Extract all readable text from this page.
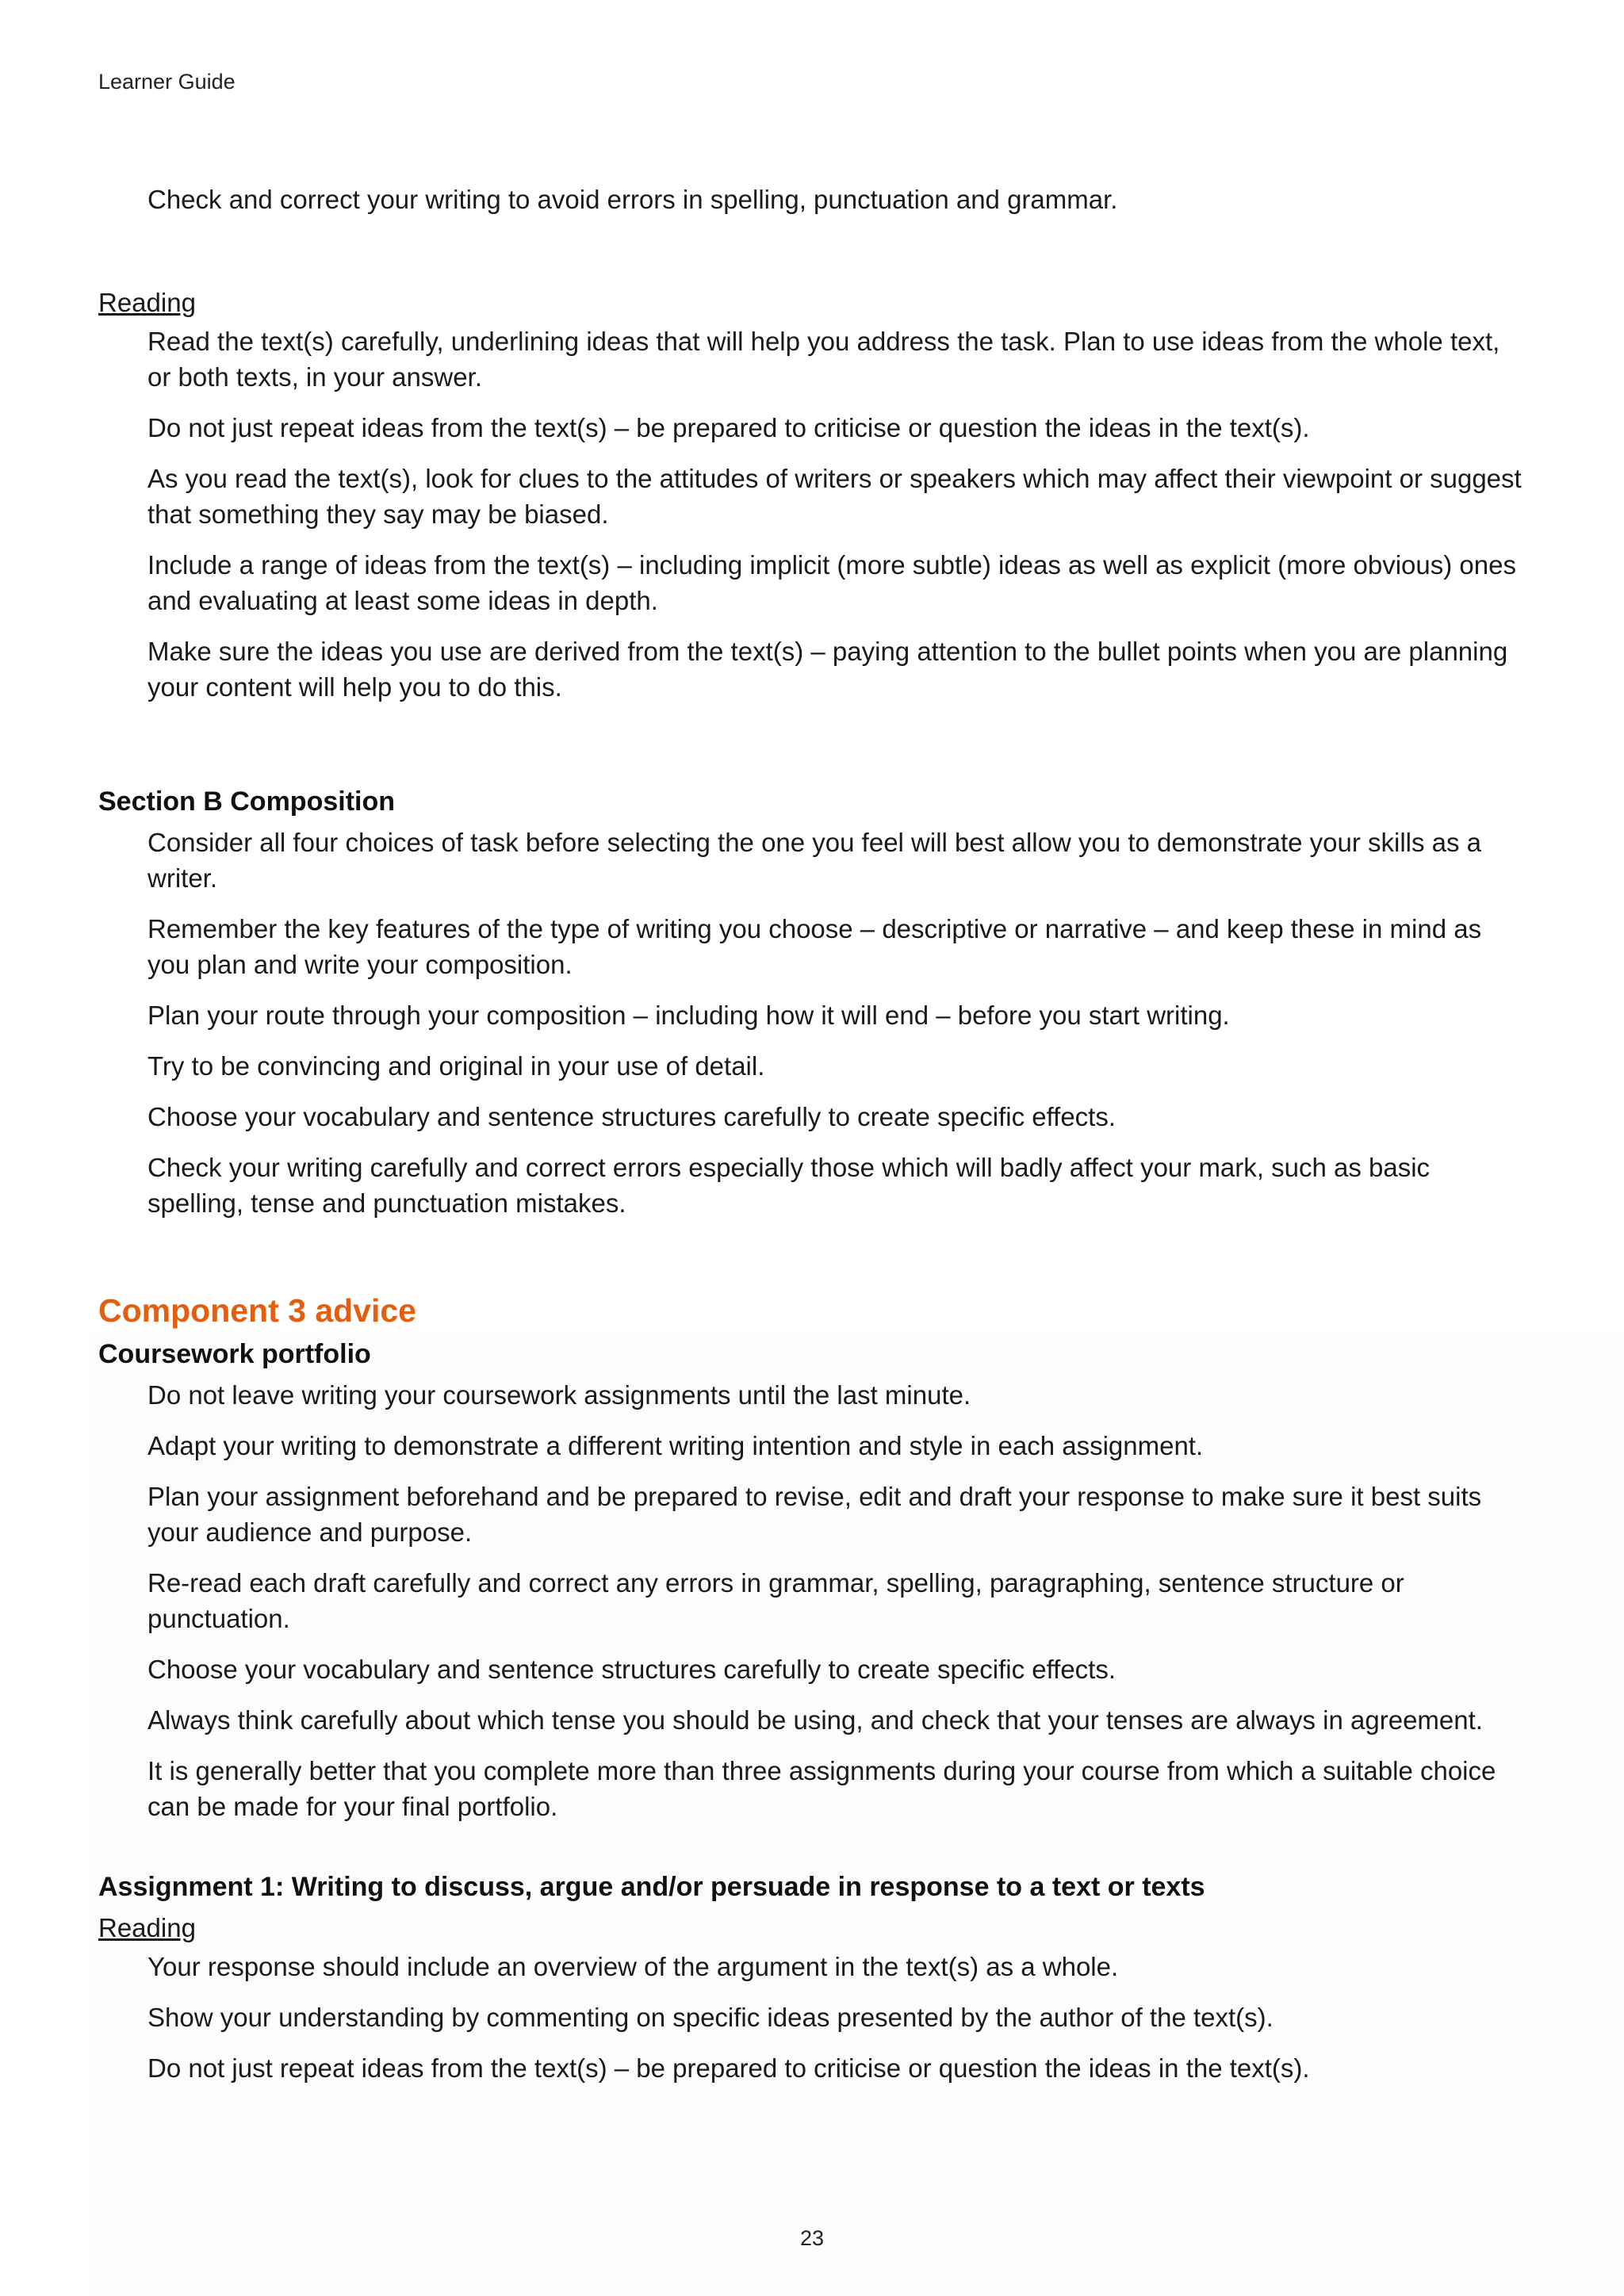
Learner Guide

Check and correct your writing to avoid errors in spelling, punctuation and grammar.

Reading

Read the text(s) carefully, underlining ideas that will help you address the task. Plan to use ideas from the whole text, or both texts, in your answer.

Do not just repeat ideas from the text(s) – be prepared to criticise or question the ideas in the text(s).

As you read the text(s), look for clues to the attitudes of writers or speakers which may affect their viewpoint or suggest that something they say may be biased.

Include a range of ideas from the text(s) – including implicit (more subtle) ideas as well as explicit (more obvious) ones and evaluating at least some ideas in depth.

Make sure the ideas you use are derived from the text(s) – paying attention to the bullet points when you are planning your content will help you to do this.

Section B Composition

Consider all four choices of task before selecting the one you feel will best allow you to demonstrate your skills as a writer.

Remember the key features of the type of writing you choose – descriptive or narrative – and keep these in mind as you plan and write your composition.

Plan your route through your composition – including how it will end – before you start writing.

Try to be convincing and original in your use of detail.

Choose your vocabulary and sentence structures carefully to create specific effects.

Check your writing carefully and correct errors especially those which will badly affect your mark, such as basic spelling, tense and punctuation mistakes.

Component 3 advice

Coursework portfolio

Do not leave writing your coursework assignments until the last minute.

Adapt your writing to demonstrate a different writing intention and style in each assignment.

Plan your assignment beforehand and be prepared to revise, edit and draft your response to make sure it best suits your audience and purpose.

Re-read each draft carefully and correct any errors in grammar, spelling, paragraphing, sentence structure or punctuation.

Choose your vocabulary and sentence structures carefully to create specific effects.

Always think carefully about which tense you should be using, and check that your tenses are always in agreement.

It is generally better that you complete more than three assignments during your course from which a suitable choice can be made for your final portfolio.

Assignment 1: Writing to discuss, argue and/or persuade in response to a text or texts

Reading

Your response should include an overview of the argument in the text(s) as a whole.

Show your understanding by commenting on specific ideas presented by the author of the text(s).

Do not just repeat ideas from the text(s) – be prepared to criticise or question the ideas in the text(s).

23
